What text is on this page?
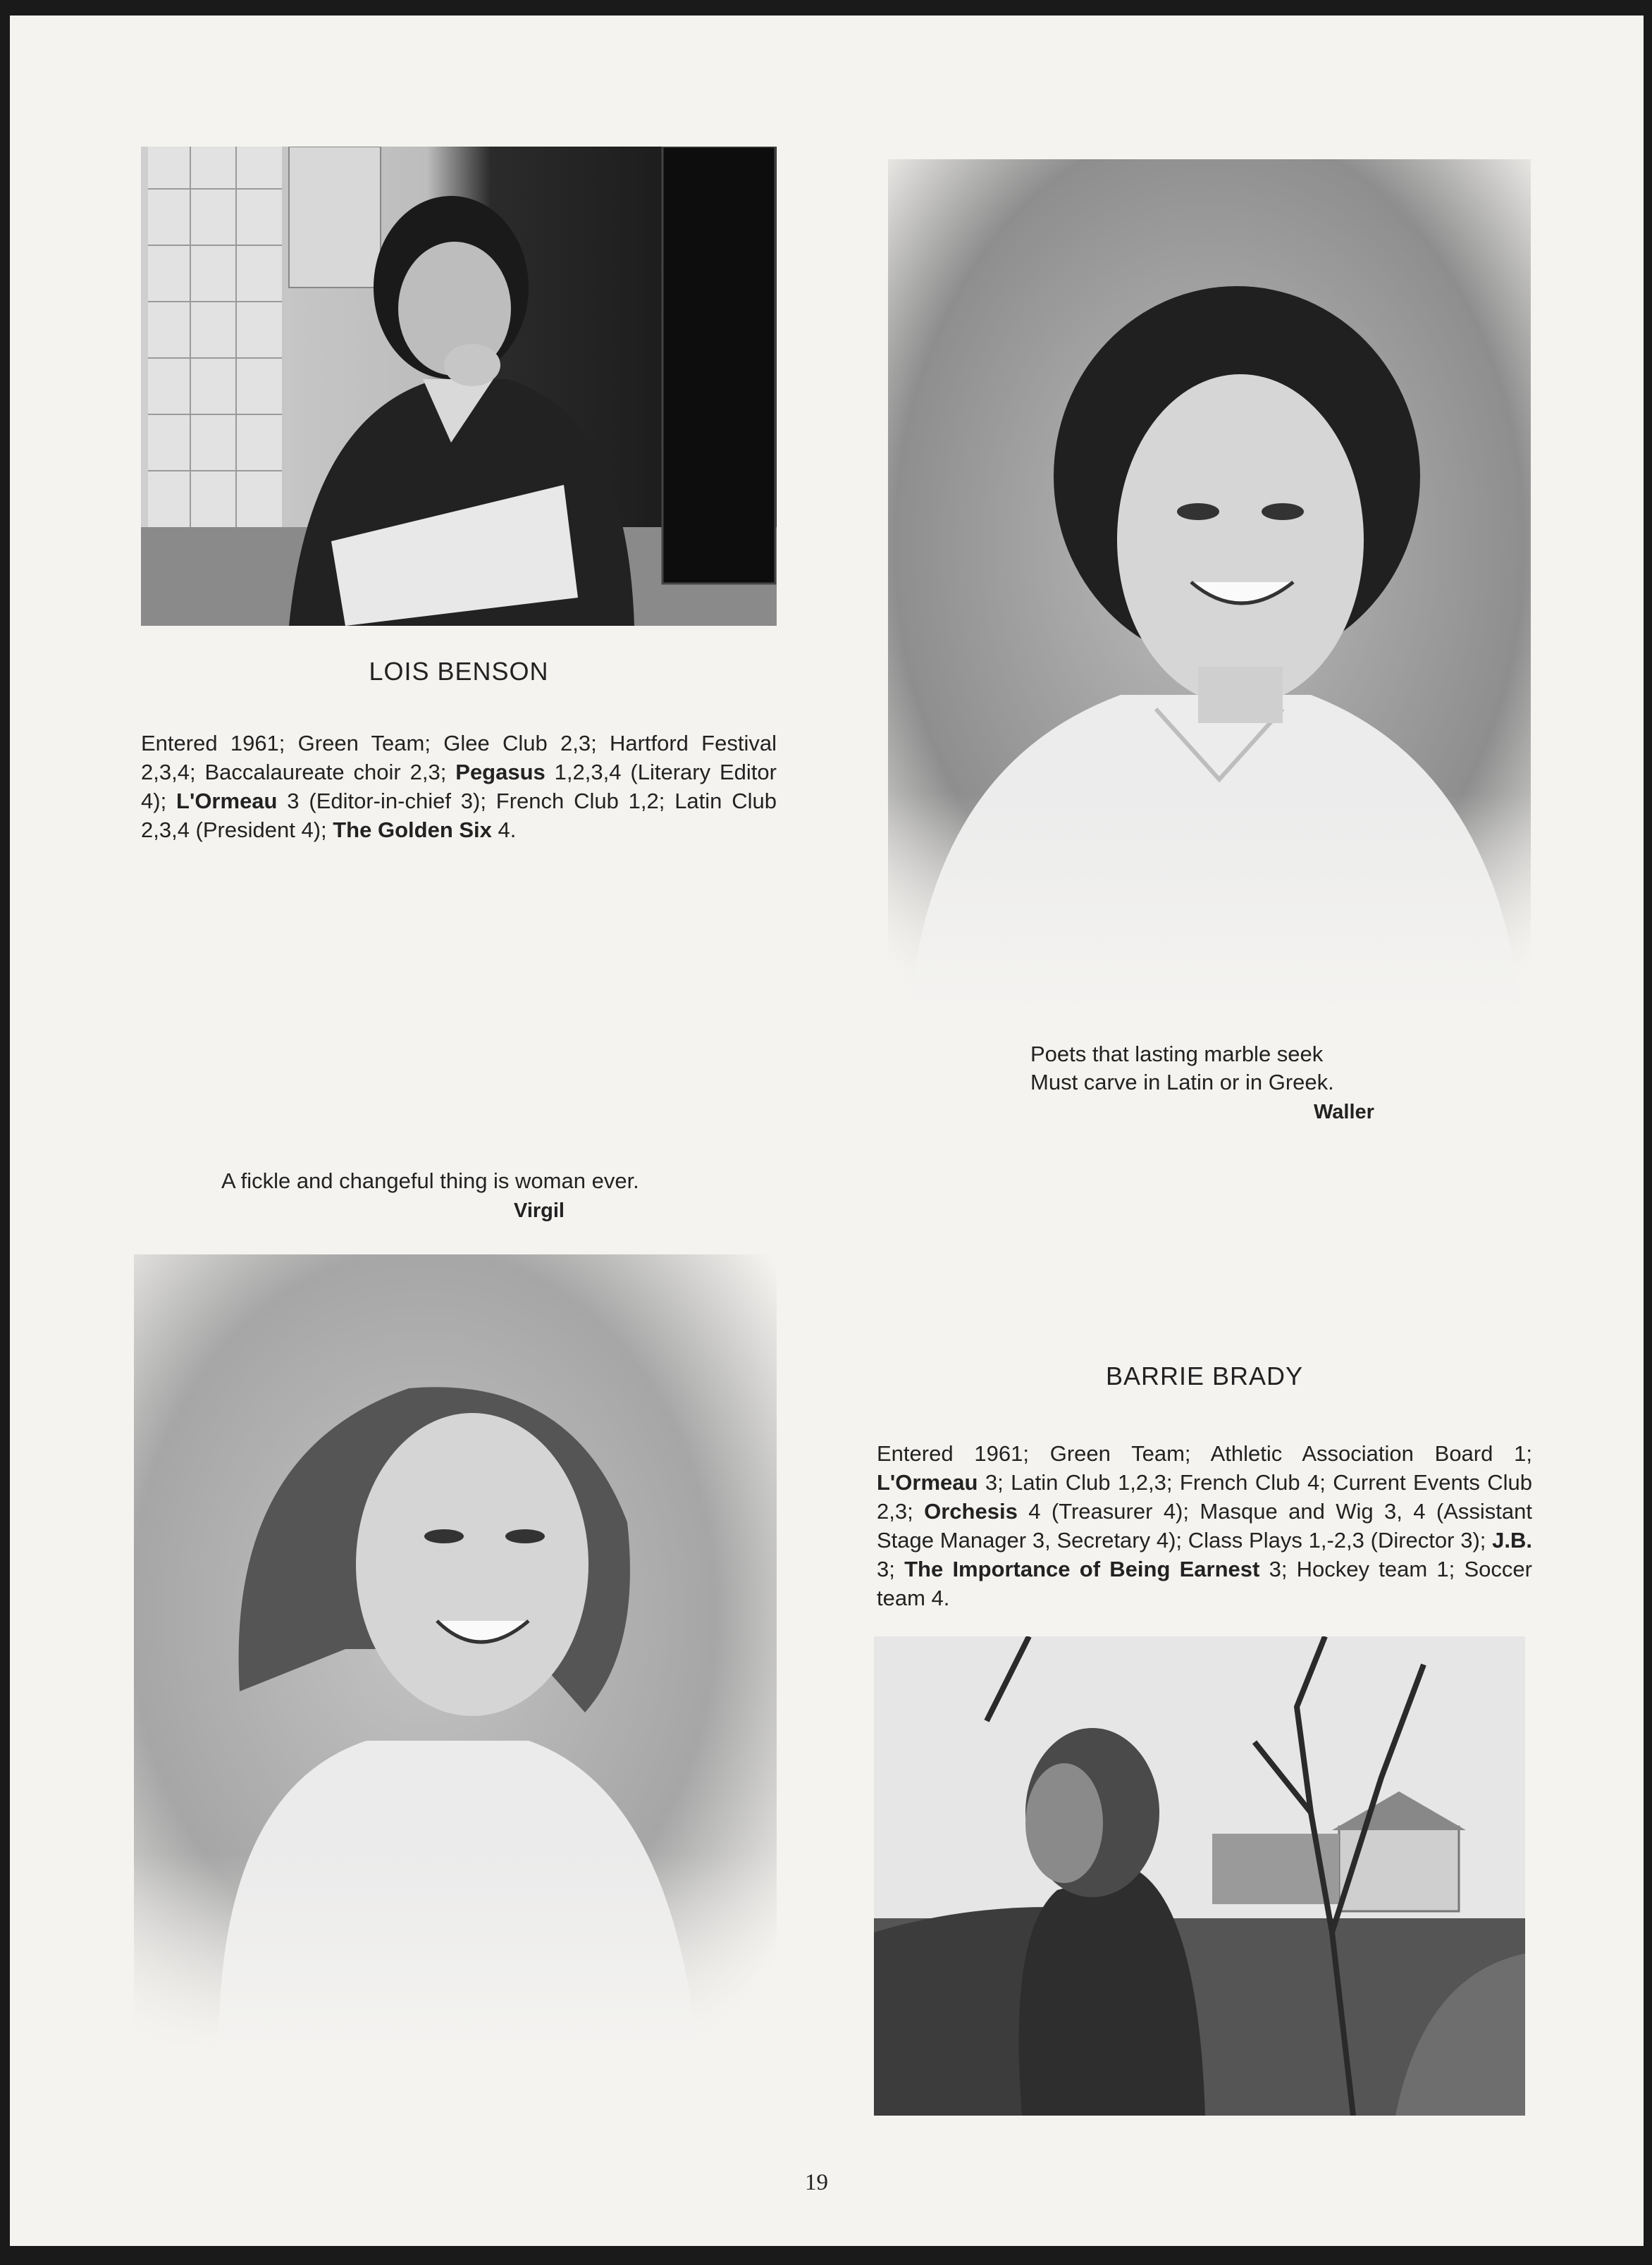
LOIS BENSON
Entered 1961; Green Team; Glee Club 2,3; Hartford Festival 2,3,4; Baccalaureate choir 2,3; Pegasus 1,2,3,4 (Literary Editor 4); L'Ormeau 3 (Editor-in-chief 3); French Club 1,2; Latin Club 2,3,4 (President 4); The Golden Six 4.
Poets that lasting marble seek
Must carve in Latin or in Greek.
Waller
A fickle and changeful thing is woman ever.
Virgil
BARRIE BRADY
Entered 1961; Green Team; Athletic Association Board 1; L'Ormeau 3; Latin Club 1,2,3; French Club 4; Current Events Club 2,3; Orchesis 4 (Treasurer 4); Masque and Wig 3, 4 (Assistant Stage Manager 3, Secretary 4); Class Plays 1,-2,3 (Director 3); J.B. 3; The Importance of Being Earnest 3; Hockey team 1; Soccer team 4.
19
